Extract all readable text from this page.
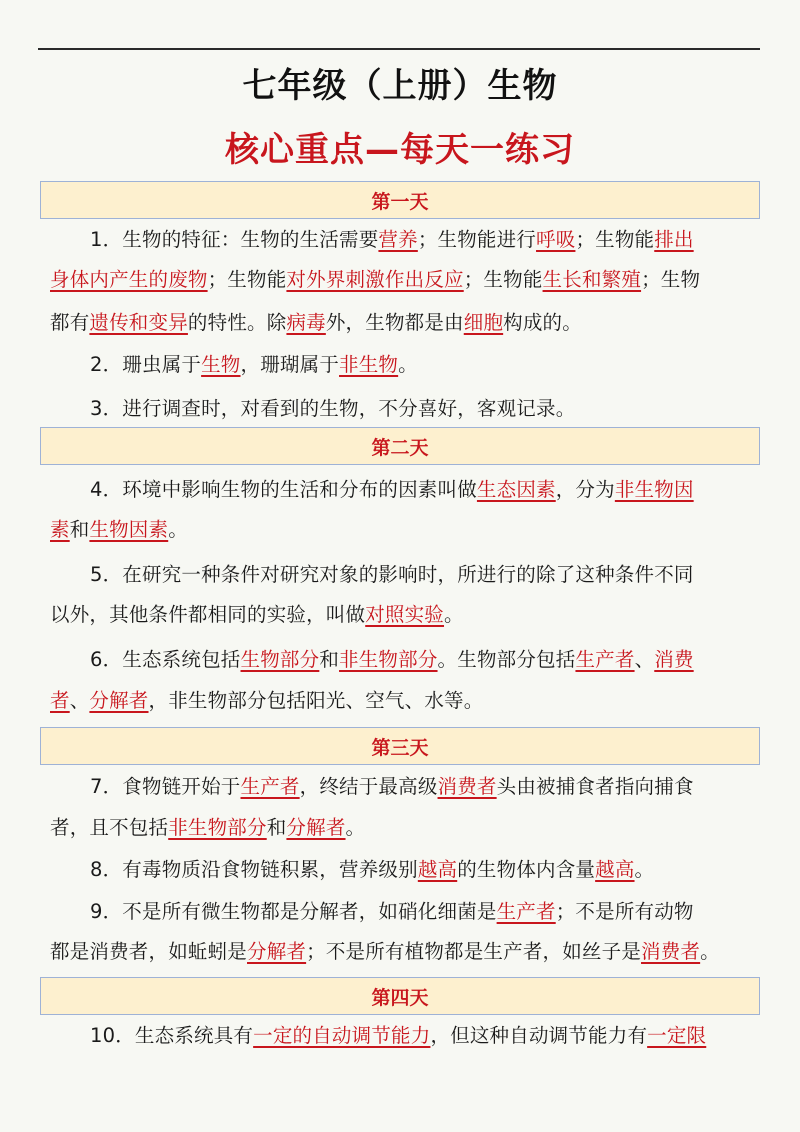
七年级（上册）生物
核心重点—每天一练习
第一天
1．生物的特征：生物的生活需要营养；生物能进行呼吸；生物能排出
身体内产生的废物；生物能对外界刺激作出反应；生物能生长和繁殖；生物
都有遗传和变异的特性。除病毒外，生物都是由细胞构成的。
2．珊虫属于生物，珊瑚属于非生物。
3．进行调查时，对看到的生物，不分喜好，客观记录。
第二天
4．环境中影响生物的生活和分布的因素叫做生态因素，分为非生物因
素和生物因素。
5．在研究一种条件对研究对象的影响时，所进行的除了这种条件不同
以外，其他条件都相同的实验，叫做对照实验。
6．生态系统包括生物部分和非生物部分。生物部分包括生产者、消费
者、分解者，非生物部分包括阳光、空气、水等。
第三天
7．食物链开始于生产者，终结于最高级消费者头由被捕食者指向捕食
者，且不包括非生物部分和分解者。
8．有毒物质沿食物链积累，营养级别越高的生物体内含量越高。
9．不是所有微生物都是分解者，如硝化细菌是生产者；不是所有动物
都是消费者，如蚯蚓是分解者；不是所有植物都是生产者，如丝子是消费者。
第四天
10．生态系统具有一定的自动调节能力，但这种自动调节能力有一定限
